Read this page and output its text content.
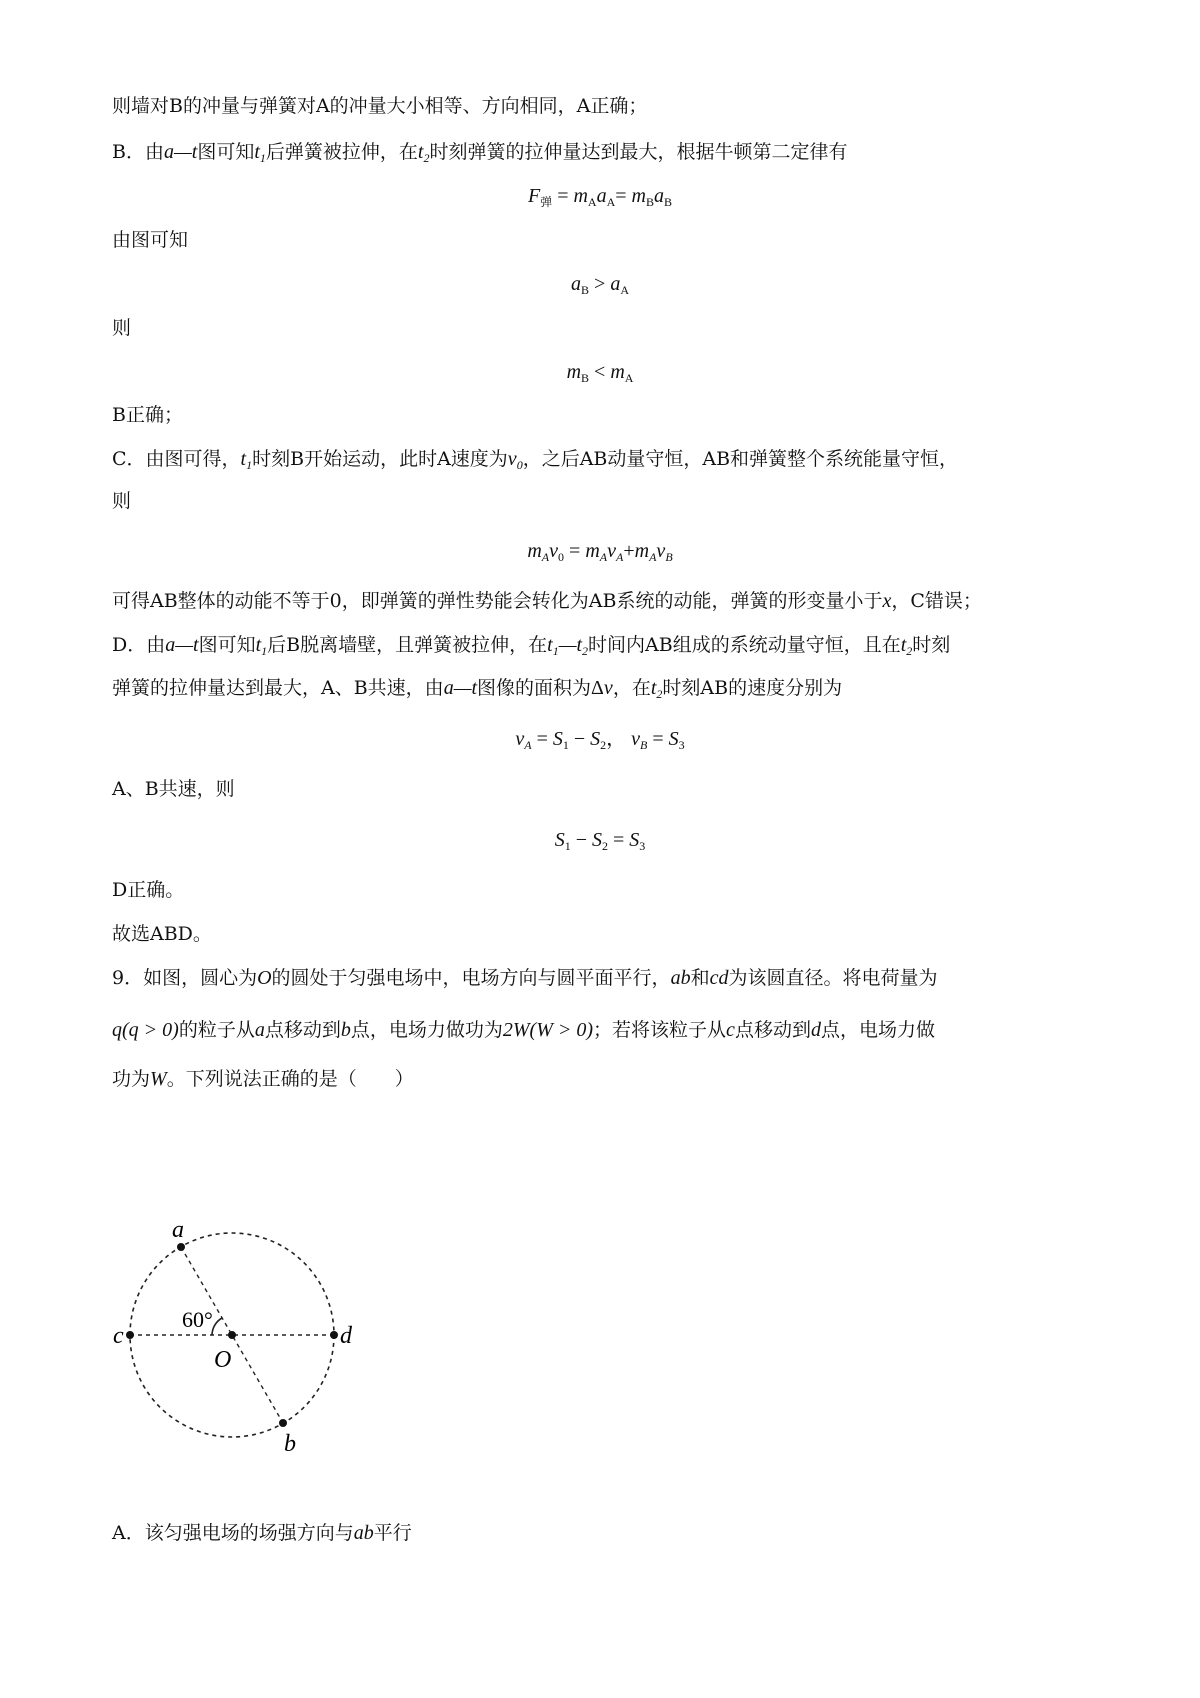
则墙对B的冲量与弹簧对A的冲量大小相等、方向相同，A正确；
B．由a—t图可知$t_1$后弹簧被拉伸，在$t_2$时刻弹簧的拉伸量达到最大，根据牛顿第二定律有
$F_弹 = m_Aa_A= m_Ba_B$
由图可知
$a_B > a_A$
则
$m_B < m_A$
B正确；
C．由图可得，$t_1$时刻B开始运动，此时A速度为$v_0$，之后AB动量守恒，AB和弹簧整个系统能量守恒，
则
$m_Av_0 = m_Av_A+m_Av_B$
可得AB整体的动能不等于0，即弹簧的弹性势能会转化为AB系统的动能，弹簧的形变量小于x，C错误；
D．由a—t图可知$t_1$后B脱离墙壁，且弹簧被拉伸，在$t_1—t_2$时间内AB组成的系统动量守恒，且在$t_2$时刻
弹簧的拉伸量达到最大，A、B共速，由a—t图像的面积为Δv，在$t_2$时刻AB的速度分别为
$v_A = S_1 - S_2$， $v_B = S_3$
A、B共速，则
$S_1 - S_2 = S_3$
D正确。
故选ABD。
9．如图，圆心为O的圆处于匀强电场中，电场方向与圆平面平行，ab和cd为该圆直径。将电荷量为
q(q > 0)的粒子从a点移动到b点，电场力做功为2W(W > 0)；若将该粒子从c点移动到d点，电场力做
功为W。下列说法正确的是（　　）
a
b
c	d
O
60°
A．该匀强电场的场强方向与ab平行
